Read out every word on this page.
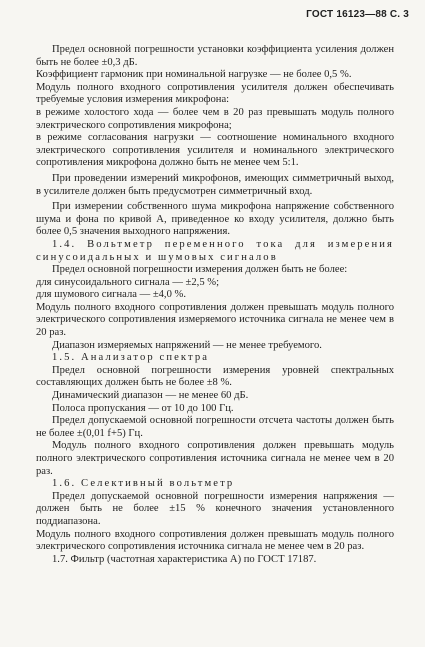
ГОСТ 16123—88 С. 3

Предел основной погрешности установки коэффициента усиления должен быть не более ±0,3 дБ.

Коэффициент гармоник при номинальной нагрузке — не более 0,5 %.

Модуль полного входного сопротивления усилителя должен обеспечивать требуемые условия измерения микрофона:

в режиме холостого хода — более чем в 20 раз превышать модуль полного электрического сопротивления микрофона;

в режиме согласования нагрузки — соотношение номинального входного электрического сопротивления усилителя и номинального электрического сопротивления микрофона должно быть не менее чем 5:1.

При проведении измерений микрофонов, имеющих симметричный выход, в усилителе должен быть предусмотрен симметричный вход.

При измерении собственного шума микрофона напряжение собственного шума и фона по кривой А, приведенное ко входу усилителя, должно быть более 0,5 значения выходного напряжения.

1.4. Вольтметр переменного тока для измерения синусоидальных и шумовых сигналов

Предел основной погрешности измерения должен быть не более:

для синусоидального сигнала — ±2,5 %;

для шумового сигнала — ±4,0 %.

Модуль полного входного сопротивления должен превышать модуль полного электрического сопротивления измеряемого источника сигнала не менее чем в 20 раз.

Диапазон измеряемых напряжений — не менее требуемого.

1.5. Анализатор спектра

Предел основной погрешности измерения уровней спектральных составляющих должен быть не более ±8 %.

Динамический диапазон — не менее 60 дБ.

Полоса пропускания — от 10 до 100 Гц.

Предел допускаемой основной погрешности отсчета частоты должен быть не более ±(0,01 f+5) Гц.

Модуль полного входного сопротивления должен превышать модуль полного электрического сопротивления источника сигнала не менее чем в 20 раз.

1.6. Селективный вольтметр

Предел допускаемой основной погрешности измерения напряжения — должен быть не более ±15 % конечного значения установленного поддиапазона.

Модуль полного входного сопротивления должен превышать модуль полного электрического сопротивления источника сигнала не менее чем в 20 раз.

1.7. Фильтр (частотная характеристика А) по ГОСТ 17187.
